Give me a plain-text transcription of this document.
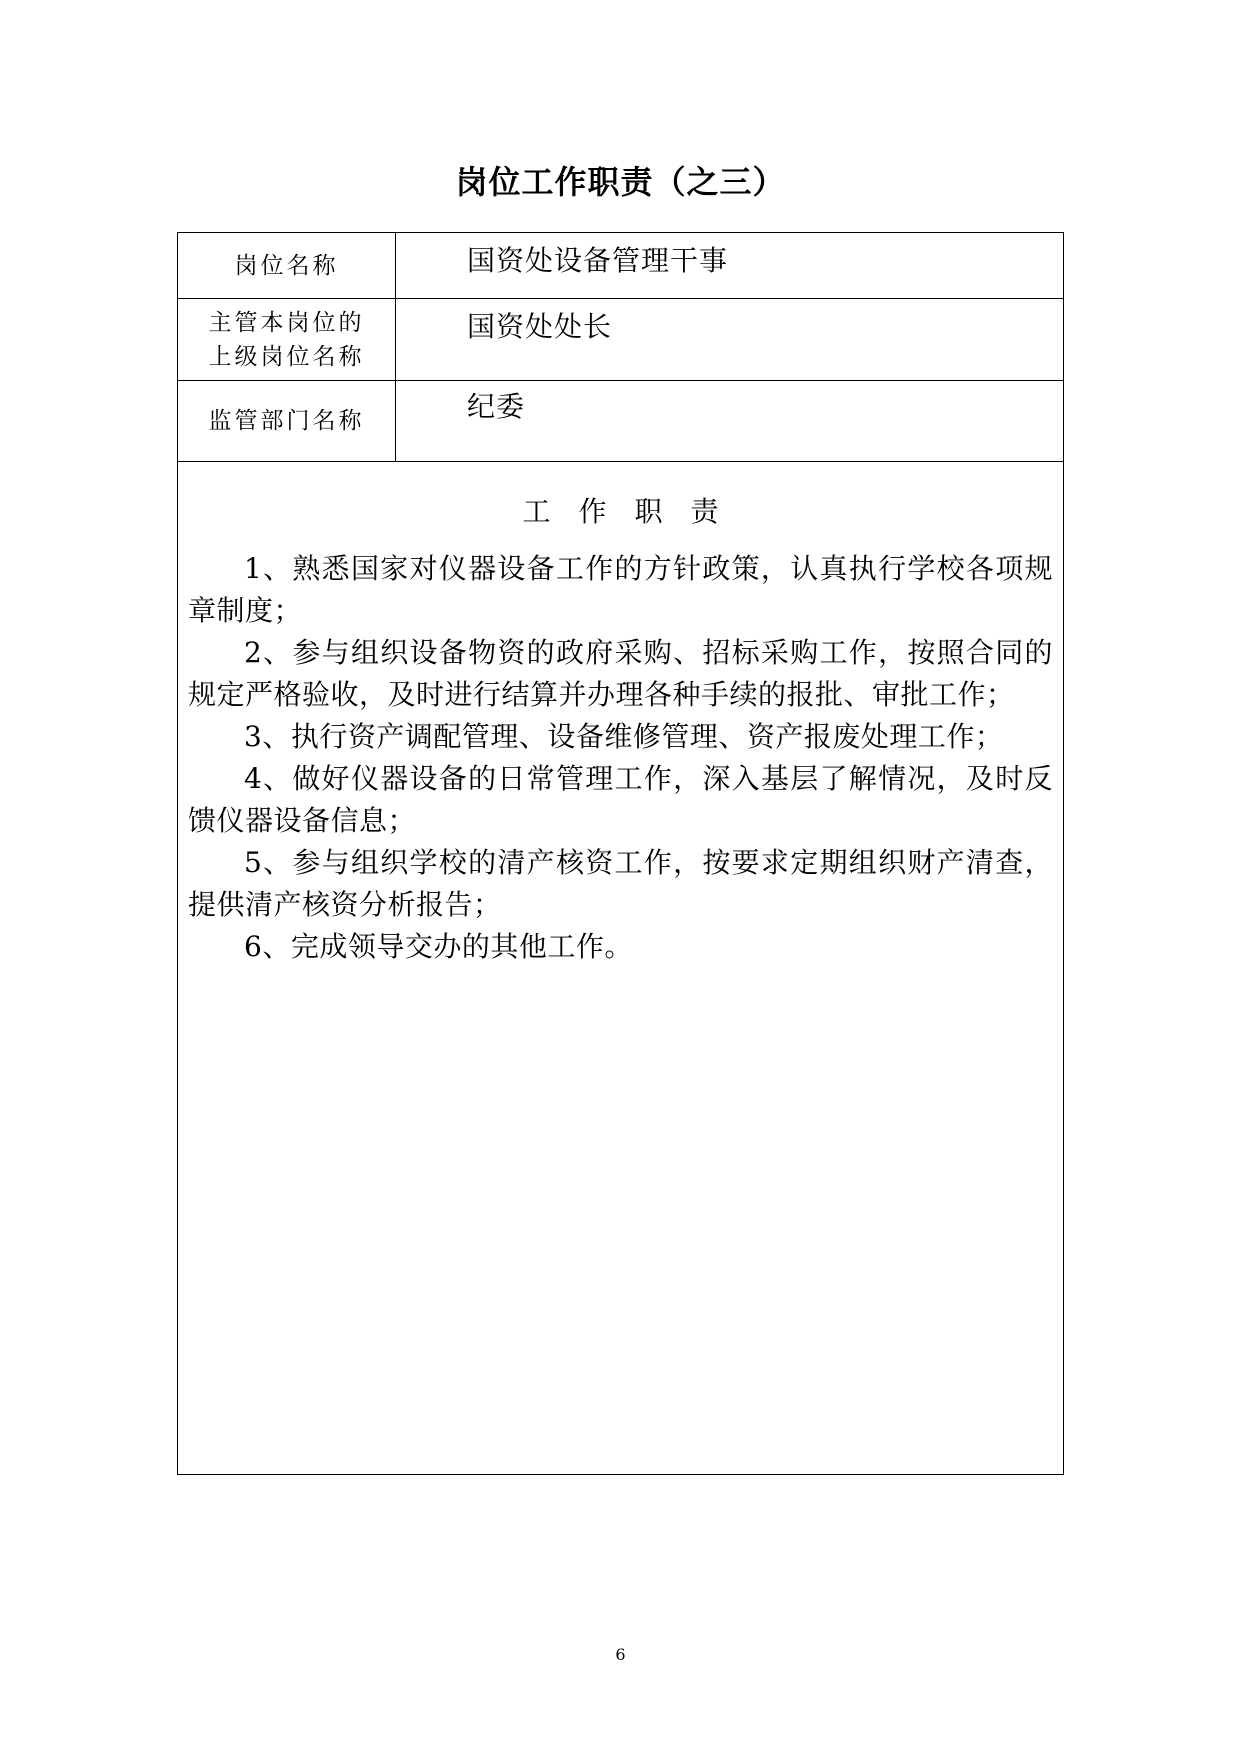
岗位工作职责（之三）
岗位名称	国资处设备管理干事
主管本岗位的
上级岗位名称
国资处处长
监管部门名称	纪委
工作职责

1、熟悉国家对仪器设备工作的方针政策，认真执行学校各项规章制度；

2、参与组织设备物资的政府采购、招标采购工作，按照合同的规定严格验收，及时进行结算并办理各种手续的报批、审批工作；

3、执行资产调配管理、设备维修管理、资产报废处理工作；

4、做好仪器设备的日常管理工作，深入基层了解情况，及时反馈仪器设备信息；

5、参与组织学校的清产核资工作，按要求定期组织财产清查，提供清产核资分析报告；

6、完成领导交办的其他工作。

6
